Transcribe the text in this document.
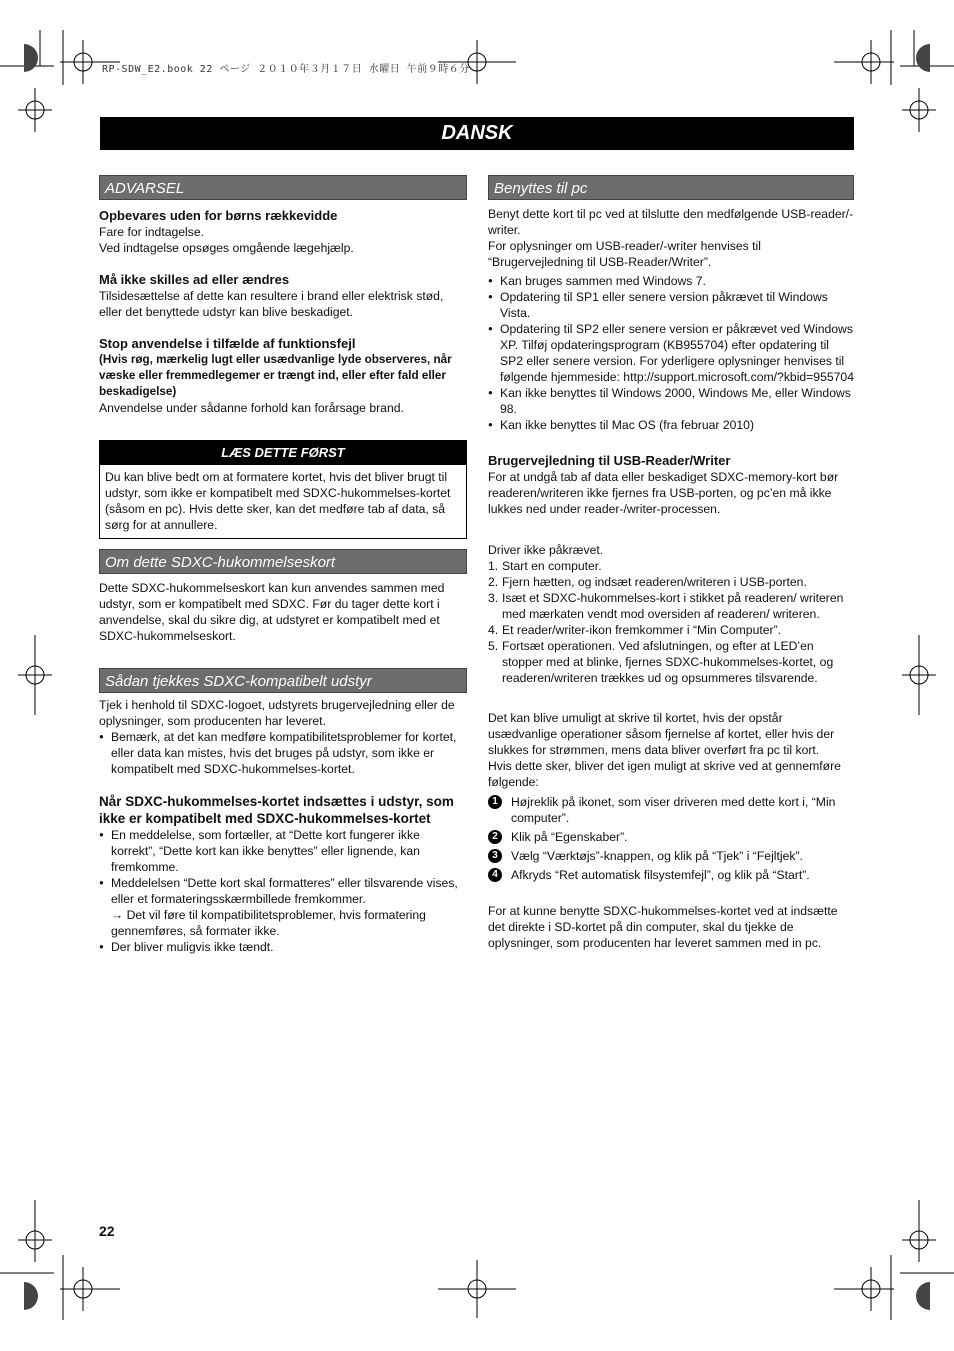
RP-SDW_E2.book 22 ページ ２０１０年３月１７日 水曜日 午前９時６分
DANSK
ADVARSEL

Opbevares uden for børns rækkevidde

Fare for indtagelse.

Ved indtagelse opsøges omgående lægehjælp.

Må ikke skilles ad eller ændres

Tilsidesættelse af dette kan resultere i brand eller elektrisk stød, eller det benyttede udstyr kan blive beskadiget.

Stop anvendelse i tilfælde af funktionsfejl

(Hvis røg, mærkelig lugt eller usædvanlige lyde observeres, når væske eller fremmedlegemer er trængt ind, eller efter fald eller beskadigelse)

Anvendelse under sådanne forhold kan forårsage brand.

LÆS DETTE FØRST
Du kan blive bedt om at formatere kortet, hvis det bliver brugt til udstyr, som ikke er kompatibelt med SDXC-hukommelses-kortet (såsom en pc). Hvis dette sker, kan det medføre tab af data, så sørg for at annullere.
Om dette SDXC-hukommelseskort

Dette SDXC-hukommelseskort kan kun anvendes sammen med udstyr, som er kompatibelt med SDXC. Før du tager dette kort i anvendelse, skal du sikre dig, at udstyret er kompatibelt med et SDXC-hukommelseskort.

Sådan tjekkes SDXC-kompatibelt udstyr

Tjek i henhold til SDXC-logoet, udstyrets brugervejledning eller de oplysninger, som producenten har leveret.

● Bemærk, at det kan medføre kompatibilitetsproblemer for kortet, eller data kan mistes, hvis det bruges på udstyr, som ikke er kompatibelt med SDXC-hukommelses-kortet.

Når SDXC-hukommelses-kortet indsættes i udstyr, som ikke er kompatibelt med SDXC-hukommelses-kortet

● En meddelelse, som fortæller, at “Dette kort fungerer ikke korrekt”, “Dette kort kan ikke benyttes” eller lignende, kan fremkomme.
● Meddelelsen “Dette kort skal formatteres” eller tilsvarende vises, eller et formateringsskærmbillede fremkommer.

→ Det vil føre til kompatibilitetsproblemer, hvis formatering gennemføres, så formater ikke.

● Der bliver muligvis ikke tændt.
Benyttes til pc

Benyt dette kort til pc ved at tilslutte den medfølgende USB-reader/-writer.

For oplysninger om USB-reader/-writer henvises til “Brugervejledning til USB-Reader/Writer”.

● Kan bruges sammen med Windows 7.
● Opdatering til SP1 eller senere version påkrævet til Windows Vista.
● Opdatering til SP2 eller senere version er påkrævet ved Windows XP. Tilføj opdateringsprogram (KB955704) efter opdatering til SP2 eller senere version. For yderligere oplysninger henvises til følgende hjemmeside: http://support.microsoft.com/?kbid=955704
● Kan ikke benyttes til Windows 2000, Windows Me, eller Windows 98.
● Kan ikke benyttes til Mac OS (fra februar 2010)

Brugervejledning til USB-Reader/Writer

For at undgå tab af data eller beskadiget SDXC-memory-kort bør readeren/writeren ikke fjernes fra USB-porten, og pc’en må ikke lukkes ned under reader-/writer-processen.

Driver ikke påkrævet.

1. Start en computer.
2. Fjern hætten, og indsæt readeren/writeren i USB-porten.
3. Isæt et SDXC-hukommelses-kort i stikket på readeren/ writeren med mærkaten vendt mod oversiden af readeren/ writeren.
4. Et reader/writer-ikon fremkommer i “Min Computer”.
5. Fortsæt operationen. Ved afslutningen, og efter at LED’en stopper med at blinke, fjernes SDXC-hukommelses-kortet, og readeren/writeren trækkes ud og opsummeres tilsvarende.

Det kan blive umuligt at skrive til kortet, hvis der opstår usædvanlige operationer såsom fjernelse af kortet, eller hvis der slukkes for strømmen, mens data bliver overført fra pc til kort.

Hvis dette sker, bliver det igen muligt at skrive ved at gennemføre følgende:

1	Højreklik på ikonet, som viser driveren med dette kort i, “Min computer”.
2	Klik på “Egenskaber”.
3	Vælg “Værktøjs”-knappen, og klik på “Tjek” i “Fejltjek”.
4	Afkryds “Ret automatisk filsystemfejl”, og klik på “Start”.

For at kunne benytte SDXC-hukommelses-kortet ved at indsætte det direkte i SD-kortet på din computer, skal du tjekke de oplysninger, som producenten har leveret sammen med in pc.

22
